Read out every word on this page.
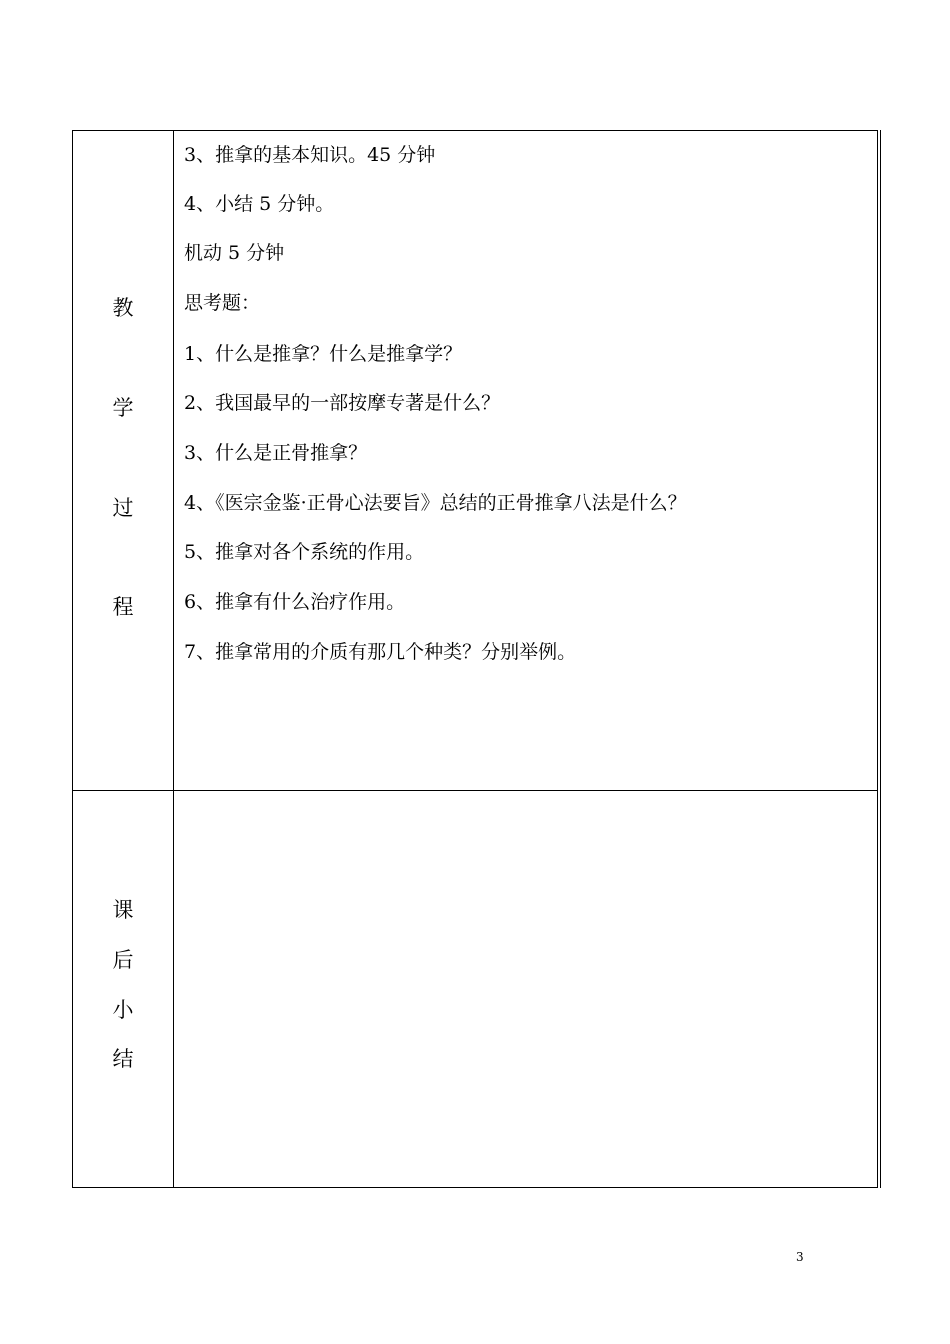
教
学
过
程
3、推拿的基本知识。45 分钟
4、小结 5 分钟。
机动 5 分钟
思考题：
1、什么是推拿？什么是推拿学？
2、我国最早的一部按摩专著是什么？
3、什么是正骨推拿？
4、《医宗金鉴·正骨心法要旨》总结的正骨推拿八法是什么？
5、推拿对各个系统的作用。
6、推拿有什么治疗作用。
7、推拿常用的介质有那几个种类？分别举例。
课
后
小
结
3
